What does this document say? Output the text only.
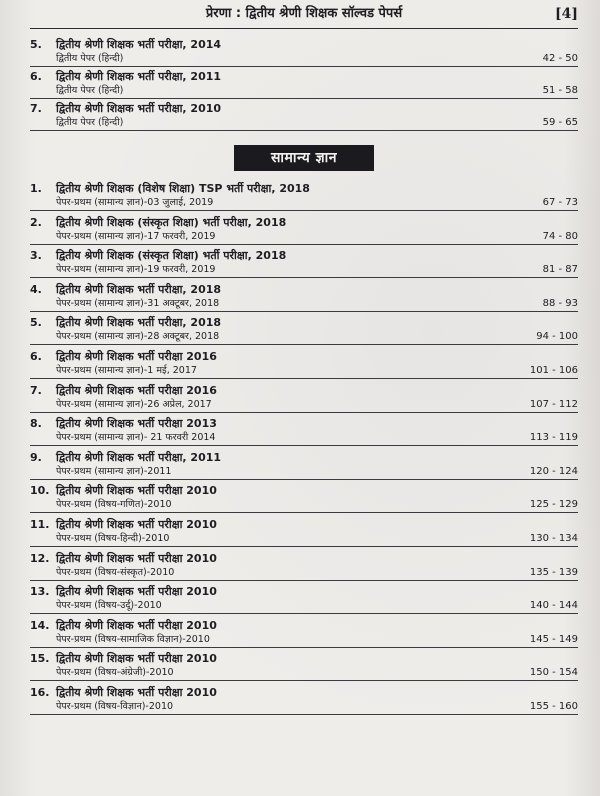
प्रेरणा : द्वितीय श्रेणी शिक्षक सॉल्वड पेपर्स	[4]
5.	द्वितीय श्रेणी शिक्षक भर्ती परीक्षा, 2014
द्वितीय पेपर (हिन्दी)	42 - 50
6.	द्वितीय श्रेणी शिक्षक भर्ती परीक्षा, 2011
द्वितीय पेपर (हिन्दी)	51 - 58
7.	द्वितीय श्रेणी शिक्षक भर्ती परीक्षा, 2010
द्वितीय पेपर (हिन्दी)	59 - 65
सामान्य ज्ञान
1.	द्वितीय श्रेणी शिक्षक (विशेष शिक्षा) TSP भर्ती परीक्षा, 2018
पेपर-प्रथम (सामान्य ज्ञान)-03 जुलाई, 2019	67 - 73
2.	द्वितीय श्रेणी शिक्षक (संस्कृत शिक्षा) भर्ती परीक्षा, 2018
पेपर-प्रथम (सामान्य ज्ञान)-17 फरवरी, 2019	74 - 80
3.	द्वितीय श्रेणी शिक्षक (संस्कृत शिक्षा) भर्ती परीक्षा, 2018
पेपर-प्रथम (सामान्य ज्ञान)-19 फरवरी, 2019	81 - 87
4.	द्वितीय श्रेणी शिक्षक भर्ती परीक्षा, 2018
पेपर-प्रथम (सामान्य ज्ञान)-31 अक्टूबर, 2018	88 - 93
5.	द्वितीय श्रेणी शिक्षक भर्ती परीक्षा, 2018
पेपर-प्रथम (सामान्य ज्ञान)-28 अक्टूबर, 2018	94 - 100
6.	द्वितीय श्रेणी शिक्षक भर्ती परीक्षा 2016
पेपर-प्रथम (सामान्य ज्ञान)-1 मई, 2017	101 - 106
7.	द्वितीय श्रेणी शिक्षक भर्ती परीक्षा 2016
पेपर-प्रथम (सामान्य ज्ञान)-26 अप्रेल, 2017	107 - 112
8.	द्वितीय श्रेणी शिक्षक भर्ती परीक्षा 2013
पेपर-प्रथम (सामान्य ज्ञान)- 21 फरवरी 2014	113 - 119
9.	द्वितीय श्रेणी शिक्षक भर्ती परीक्षा, 2011
पेपर-प्रथम (सामान्य ज्ञान)-2011	120 - 124
10. द्वितीय श्रेणी शिक्षक भर्ती परीक्षा 2010
पेपर-प्रथम (विषय-गणित)-2010	125 - 129
11. द्वितीय श्रेणी शिक्षक भर्ती परीक्षा 2010
पेपर-प्रथम (विषय-हिन्दी)-2010	130 - 134
12. द्वितीय श्रेणी शिक्षक भर्ती परीक्षा 2010
पेपर-प्रथम (विषय-संस्कृत)-2010	135 - 139
13. द्वितीय श्रेणी शिक्षक भर्ती परीक्षा 2010
पेपर-प्रथम (विषय-उर्दू)-2010	140 - 144
14. द्वितीय श्रेणी शिक्षक भर्ती परीक्षा 2010
पेपर-प्रथम (विषय-सामाजिक विज्ञान)-2010	145 - 149
15. द्वितीय श्रेणी शिक्षक भर्ती परीक्षा 2010
पेपर-प्रथम (विषय-अंग्रेजी)-2010	150 - 154
16. द्वितीय श्रेणी शिक्षक भर्ती परीक्षा 2010
पेपर-प्रथम (विषय-विज्ञान)-2010	155 - 160
